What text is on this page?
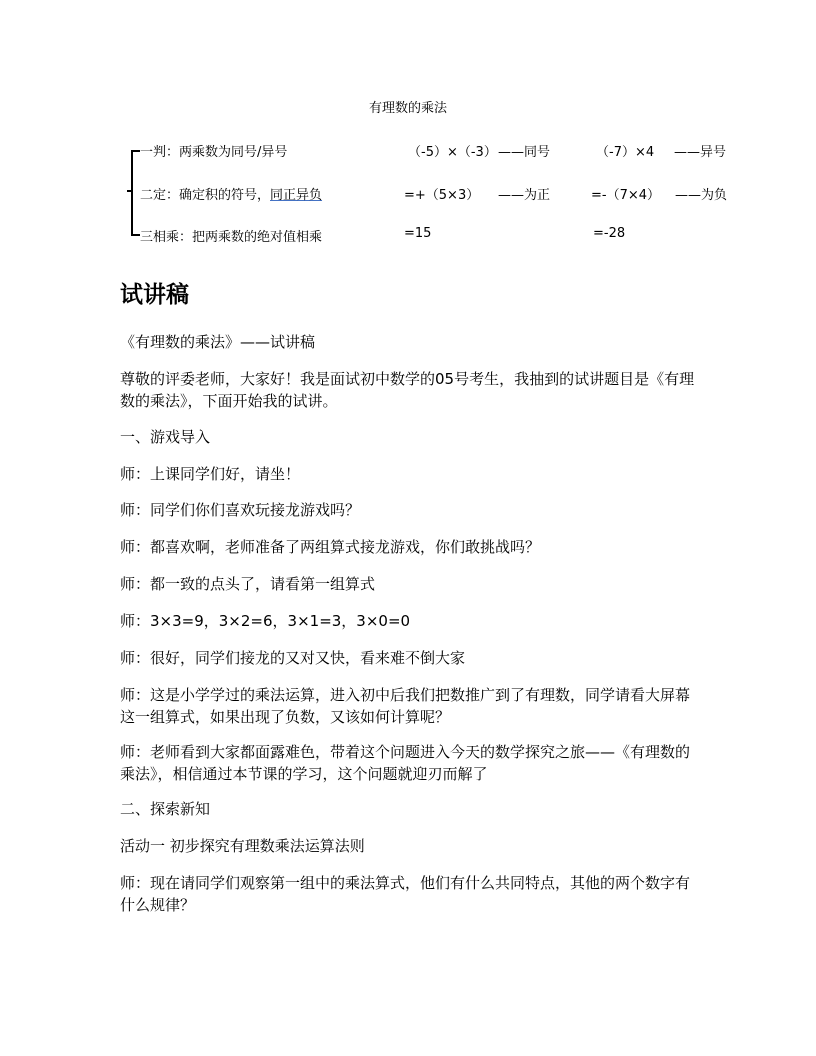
有理数的乘法
一判：两乘数为同号/异号	（-5）×（-3） ——同号	（-7）×4 ——异号
二定：确定积的符号，同正异负	=+（5×3） ——为正	=-（7×4） ——为负
三相乘：把两乘数的绝对值相乘	=15	=-28
试讲稿
《有理数的乘法》——试讲稿
尊敬的评委老师，大家好！我是面试初中数学的05号考生，我抽到的试讲题目是《有理数的乘法》，下面开始我的试讲。
一、游戏导入
师：上课同学们好，请坐！
师：同学们你们喜欢玩接龙游戏吗？
师：都喜欢啊，老师准备了两组算式接龙游戏，你们敢挑战吗？
师：都一致的点头了，请看第一组算式
师：3×3=9，3×2=6，3×1=3，3×0=0
师：很好，同学们接龙的又对又快，看来难不倒大家
师：这是小学学过的乘法运算，进入初中后我们把数推广到了有理数，同学请看大屏幕这一组算式，如果出现了负数，又该如何计算呢？
师：老师看到大家都面露难色，带着这个问题进入今天的数学探究之旅——《有理数的乘法》，相信通过本节课的学习，这个问题就迎刃而解了
二、探索新知
活动一 初步探究有理数乘法运算法则
师：现在请同学们观察第一组中的乘法算式，他们有什么共同特点，其他的两个数字有什么规律？
